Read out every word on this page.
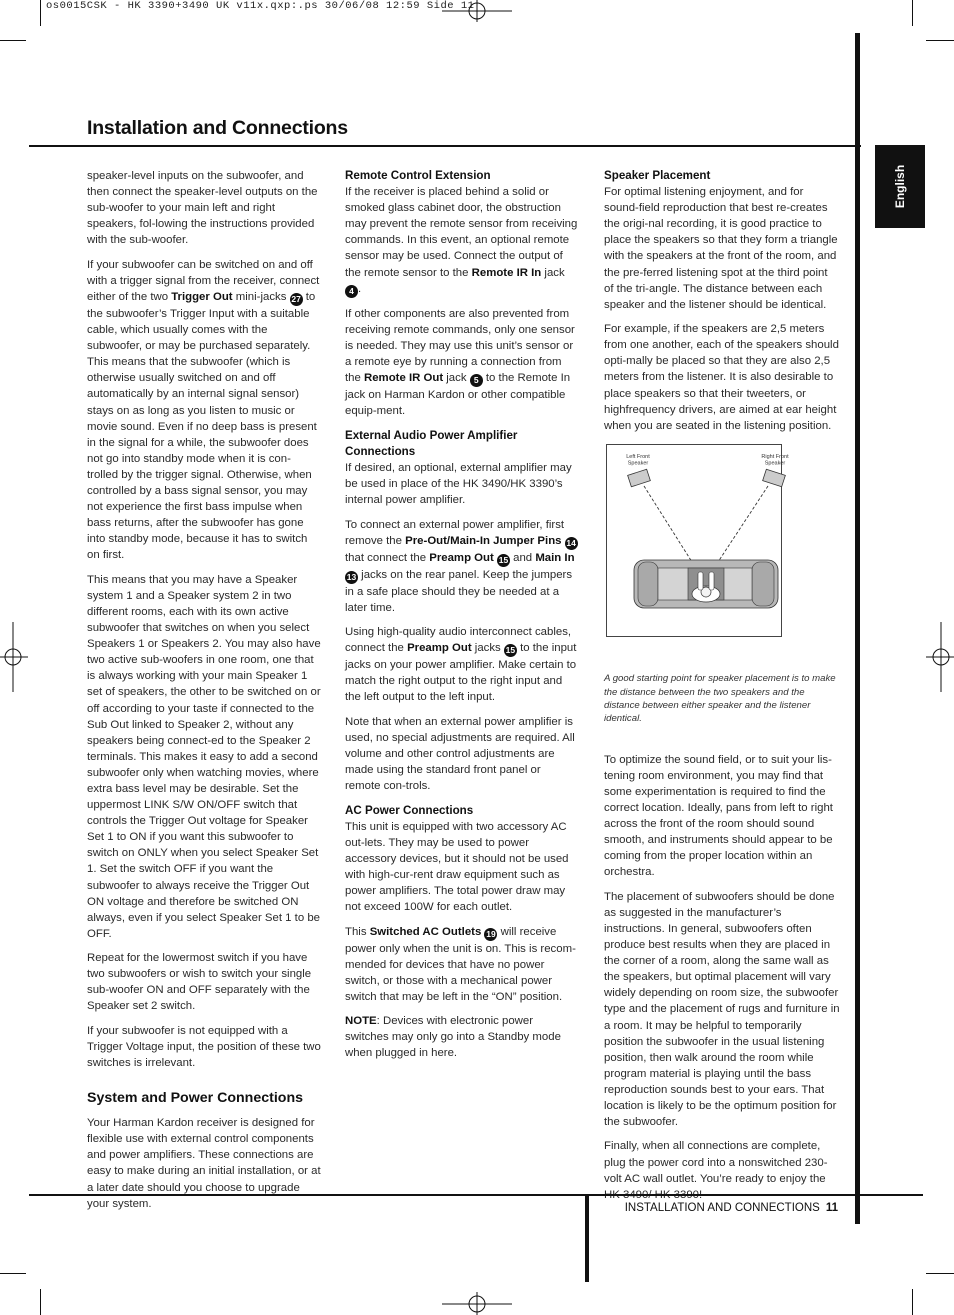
os0015CSK - HK 3390+3490 UK v11x.qxp:.ps 30/06/08 12:59 Side 11
Installation and Connections
English

speaker-level inputs on the subwoofer, and then connect the speaker-level outputs on the sub-woofer to your main left and right speakers, fol-lowing the instructions provided with the sub-woofer.

If your subwoofer can be switched on and off with a trigger signal from the receiver, connect either of the two Trigger Out mini-jacks 27 to the subwoofer’s Trigger Input with a suitable cable, which usually comes with the subwoofer, or may be purchased separately. This means that the subwoofer (which is otherwise usually switched on and off automatically by an internal signal sensor) stays on as long as you listen to music or movie sound. Even if no deep bass is present in the signal for a while, the subwoofer does not go into standby mode when it is con-trolled by the trigger signal. Otherwise, when controlled by a bass signal sensor, you may not experience the first bass impulse when bass returns, after the subwoofer has gone into standby mode, because it has to switch on first.

This means that you may have a Speaker system 1 and a Speaker system 2 in two different rooms, each with its own active subwoofer that switches on when you select Speakers 1 or Speakers 2. You may also have two active sub-woofers in one room, one that is always working with your main Speaker 1 set of speakers, the other to be switched on or off according to your taste if connected to the Sub Out linked to Speaker 2, without any speakers being connect-ed to the Speaker 2 terminals. This makes it easy to add a second subwoofer only when watching movies, where extra bass level may be desirable. Set the uppermost LINK S/W ON/OFF switch that controls the Trigger Out voltage for Speaker Set 1 to ON if you want this subwoofer to switch on ONLY when you select Speaker Set 1. Set the switch OFF if you want the subwoofer to always receive the Trigger Out ON voltage and therefore be switched ON always, even if you select Speaker Set 1 to be OFF.

Repeat for the lowermost switch if you have two subwoofers or wish to switch your single sub-woofer ON and OFF separately with the Speaker set 2 switch.

If your subwoofer is not equipped with a Trigger Voltage input, the position of these two switches is irrelevant.

System and Power Connections

Your Harman Kardon receiver is designed for flexible use with external control components and power amplifiers. These connections are easy to make during an initial installation, or at a later date should you choose to upgrade your system.

Remote Control Extension

If the receiver is placed behind a solid or smoked glass cabinet door, the obstruction may prevent the remote sensor from receiving commands. In this event, an optional remote sensor may be used. Connect the output of the remote sensor to the Remote IR In jack 4 .

If other components are also prevented from receiving remote commands, only one sensor is needed. They may use this unit’s sensor or a remote eye by running a connection from the Remote IR Out jack 5 to the Remote In jack on Harman Kardon or other compatible equip-ment.

External Audio Power Amplifier Connections

If desired, an optional, external amplifier may be used in place of the HK 3490/HK 3390’s internal power amplifier.

To connect an external power amplifier, first remove the Pre-Out/Main-In Jumper Pins 14 that connect the Preamp Out 15 and Main In 13 jacks on the rear panel. Keep the jumpers in a safe place should they be needed at a later time.

Using high-quality audio interconnect cables, connect the Preamp Out jacks 15 to the input jacks on your power amplifier. Make certain to match the right output to the right input and the left output to the left input.

Note that when an external power amplifier is used, no special adjustments are required. All volume and other control adjustments are made using the standard front panel or remote con-trols.

AC Power Connections

This unit is equipped with two accessory AC out-lets. They may be used to power accessory devices, but it should not be used with high-cur-rent draw equipment such as power amplifiers. The total power draw may not exceed 100W for each outlet.

This Switched AC Outlets 19 will receive power only when the unit is on. This is recom-mended for devices that have no power switch, or those with a mechanical power switch that may be left in the “ON” position.

NOTE: Devices with electronic power switches may only go into a Standby mode when plugged in here.

Speaker Placement

For optimal listening enjoyment, and for sound-field reproduction that best re-creates the origi-nal recording, it is good practice to place the speakers so that they form a triangle with the speakers at the front of the room, and the pre-ferred listening spot at the third point of the tri-angle. The distance between each speaker and the listener should be identical.

For example, if the speakers are 2,5 meters from one another, each of the speakers should opti-mally be placed so that they are also 2,5 meters from the listener. It is also desirable to place speakers so that their tweeters, or highfrequency drivers, are aimed at ear height when you are seated in the listening position.

A good starting point for speaker placement is to make the distance between the two speakers and the distance between either speaker and the listener identical.

To optimize the sound field, or to suit your lis-tening room environment, you may find that some experimentation is required to find the correct location. Ideally, pans from left to right across the front of the room should sound smooth, and instruments should appear to be coming from the proper location within an orchestra.

The placement of subwoofers should be done as suggested in the manufacturer’s instructions. In general, subwoofers often produce best results when they are placed in the corner of a room, along the same wall as the speakers, but optimal placement will vary widely depending on room size, the subwoofer type and the placement of rugs and furniture in a room. It may be helpful to temporarily position the subwoofer in the usual listening position, then walk around the room while program material is playing until the bass reproduction sounds best to your ears. That location is likely to be the optimum position for the subwoofer.

Finally, when all connections are complete, plug the power cord into a nonswitched 230-volt AC wall outlet. You’re ready to enjoy the

Left Front Speaker
Right Front Speaker
INSTALLATION AND CONNECTIONS 11
